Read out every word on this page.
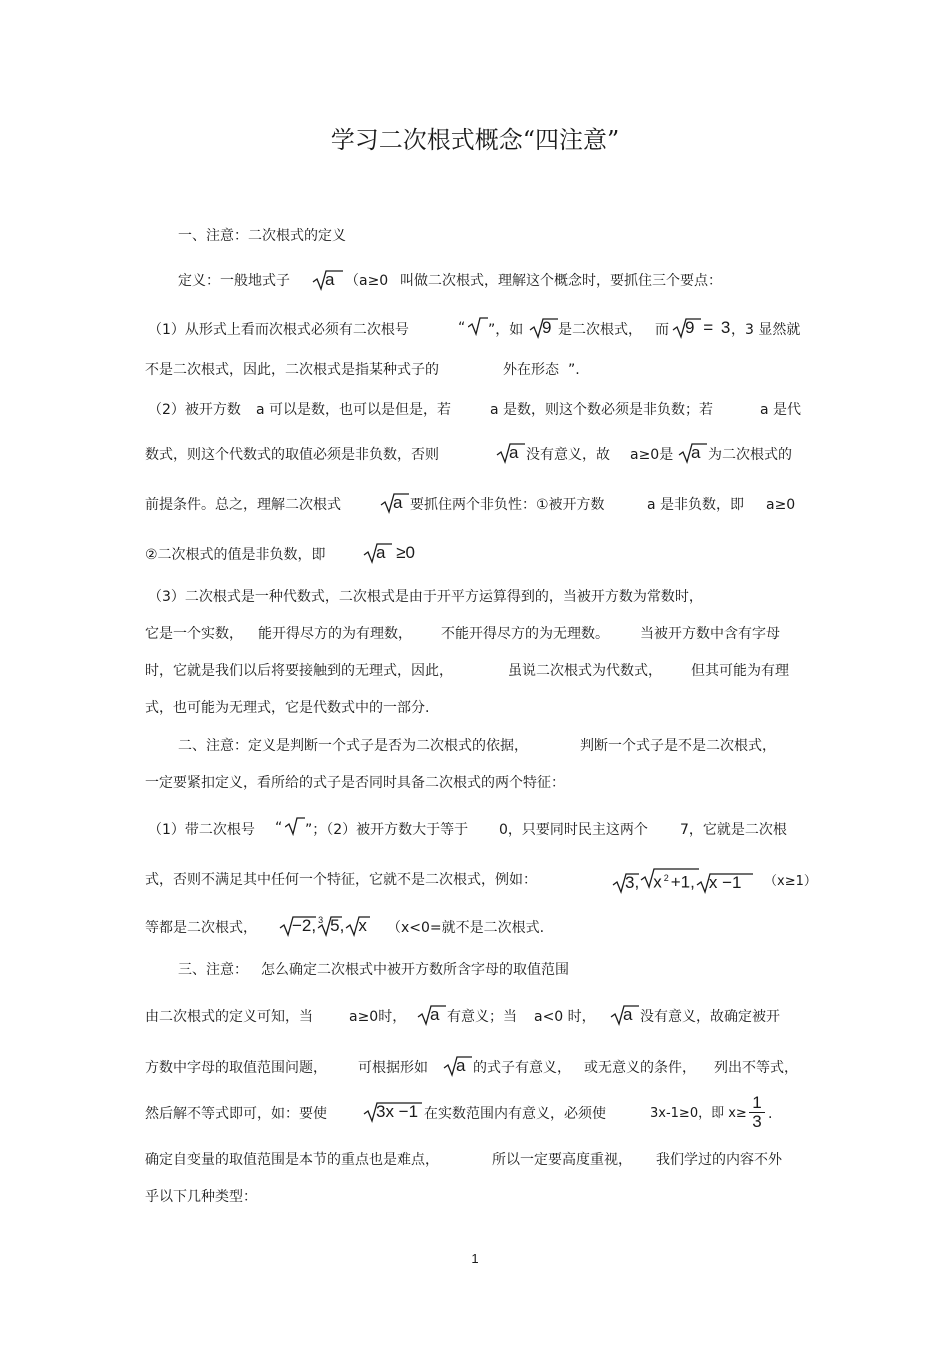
学习二次根式概念“四注意”
一、注意：二次根式的定义
定义：一般地式子	a （a≥0 叫做二次根式，理解这个概念时，要抓住三个要点：
（1）从形式上看而次根式必须有二次根号	“ ”，如	9 是二次根式， 而 9 = 3 ，3 显然就
不是二次根式，因此，二次根式是指某种式子的	外在形态 ”.
（2）被开方数 a 可以是数，也可以是但是，若	a 是数，则这个数必须是非负数；若	a 是代
数式，则这个代数式的取值必须是非负数，否则	a 没有意义，故 a≥0是	a 为二次根式的
前提条件。总之，理解二次根式	a 要抓住两个非负性：①被开方数	a 是非负数，即 a≥0
②二次根式的值是非负数，即	a ≥0
（3）二次根式是一种代数式，二次根式是由于开平方运算得到的，当被开方数为常数时，
它是一个实数， 能开得尽方的为有理数， 不能开得尽方的为无理数。 当被开方数中含有字母
时，它就是我们以后将要接触到的无理式，因此，	虽说二次根式为代数式， 但其可能为有理
式，也可能为无理式，它是代数式中的一部分.
二、注意：定义是判断一个式子是否为二次根式的依据，	判断一个式子是不是二次根式，
一定要紧扣定义，看所给的式子是否同时具备二次根式的两个特征：
（1）带二次根号 “ ”；（2）被开方数大于等于 0，只要同时民主这两个 7，它就是二次根
式，否则不满足其中任何一个特征，它就不是二次根式，例如：	3, x $^2$ +1, x −1 （x≥1）
等都是二次根式，	−2, 3 5, x （x<0=就不是二次根式.
三、注意： 怎么确定二次根式中被开方数所含字母的取值范围
由二次根式的定义可知，当	a≥0时，	a 有意义；当 a<0 时，	a 没有意义，故确定被开
方数中字母的取值范围问题， 可根据形如	a 的式子有意义， 或无意义的条件， 列出不等式，
然后解不等式即可，如：要使	3x −1 在实数范围内有意义，必须使	3x-1≥0，即 x≥
1
3 .
确定自变量的取值范围是本节的重点也是难点，	所以一定要高度重视， 我们学过的内容不外
乎以下几种类型：
1
